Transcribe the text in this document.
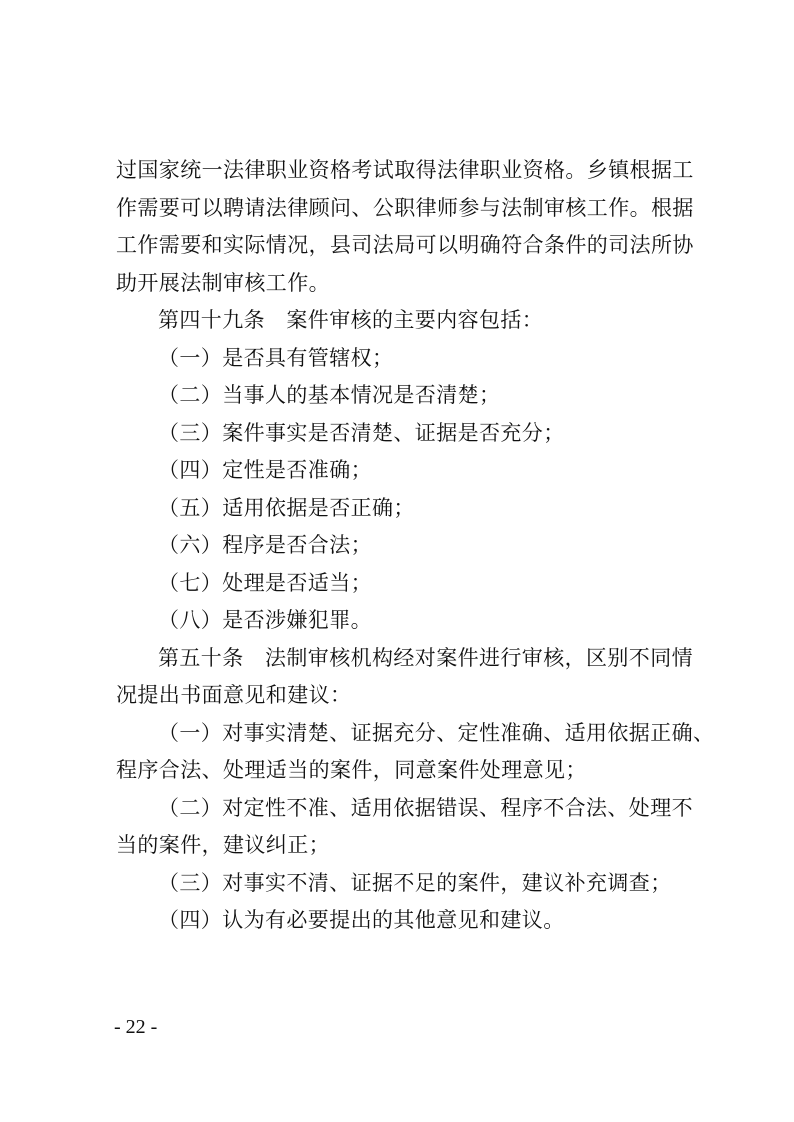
过国家统一法律职业资格考试取得法律职业资格。乡镇根据工
作需要可以聘请法律顾问、公职律师参与法制审核工作。根据
工作需要和实际情况，县司法局可以明确符合条件的司法所协
助开展法制审核工作。
第四十九条　案件审核的主要内容包括：
（一）是否具有管辖权；
（二）当事人的基本情况是否清楚；
（三）案件事实是否清楚、证据是否充分；
（四）定性是否准确；
（五）适用依据是否正确；
（六）程序是否合法；
（七）处理是否适当；
（八）是否涉嫌犯罪。
第五十条　法制审核机构经对案件进行审核，区别不同情
况提出书面意见和建议：
（一）对事实清楚、证据充分、定性准确、适用依据正确、
程序合法、处理适当的案件，同意案件处理意见；
（二）对定性不准、适用依据错误、程序不合法、处理不
当的案件，建议纠正；
（三）对事实不清、证据不足的案件，建议补充调查；
（四）认为有必要提出的其他意见和建议。
- 22 -
